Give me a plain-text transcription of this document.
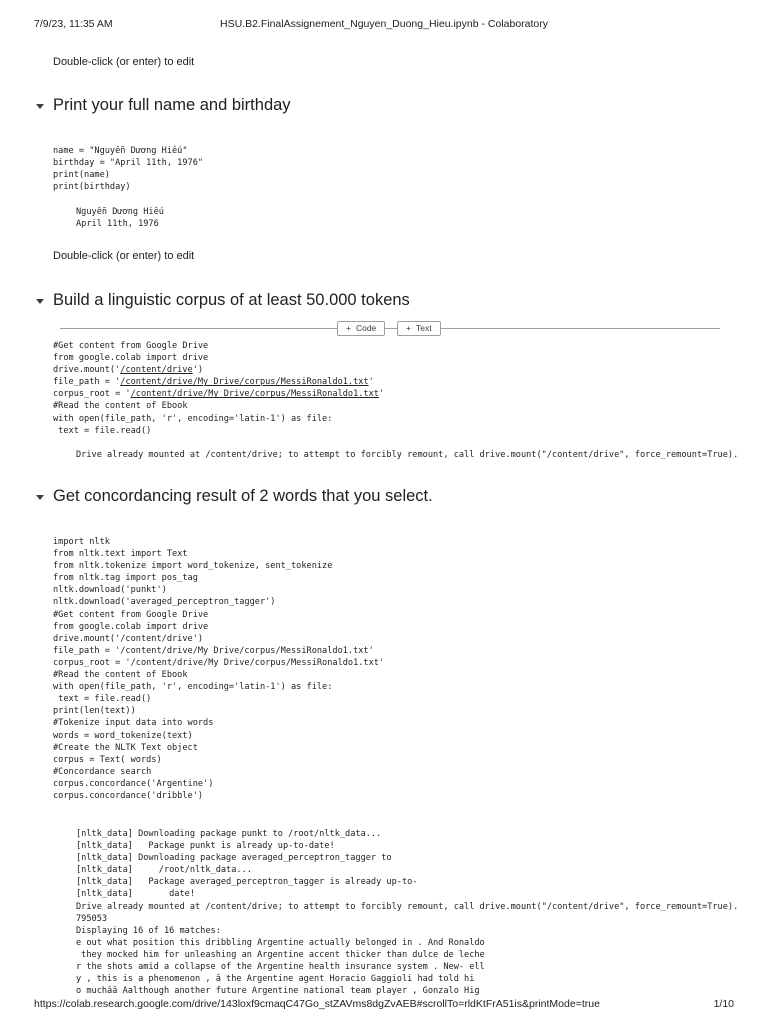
7/9/23, 11:35 AM	HSU.B2.FinalAssignement_Nguyen_Duong_Hieu.ipynb - Colaboratory
Double-click (or enter) to edit
Print your full name and birthday
name = "Nguyễn Dương Hiếu"
birthday = "April 11th, 1976"
print(name)
print(birthday)
Nguyễn Dương Hiếu
April 11th, 1976
Double-click (or enter) to edit
Build a linguistic corpus of at least 50.000 tokens
+ Code	+ Text
#Get content from Google Drive
from google.colab import drive
drive.mount('/content/drive')
file_path = '/content/drive/My Drive/corpus/MessiRonaldo1.txt'
corpus_root = '/content/drive/My Drive/corpus/MessiRonaldo1.txt'
#Read the content of Ebook
with open(file_path, 'r', encoding='latin-1') as file:
text = file.read()
Drive already mounted at /content/drive; to attempt to forcibly remount, call drive.mount("/content/drive", force_remount=True).
Get concordancing result of 2 words that you select.
import nltk
from nltk.text import Text
from nltk.tokenize import word_tokenize, sent_tokenize
from nltk.tag import pos_tag
nltk.download('punkt')
nltk.download('averaged_perceptron_tagger')
#Get content from Google Drive
from google.colab import drive
drive.mount('/content/drive')
file_path = '/content/drive/My Drive/corpus/MessiRonaldo1.txt'
corpus_root = '/content/drive/My Drive/corpus/MessiRonaldo1.txt'
#Read the content of Ebook
with open(file_path, 'r', encoding='latin-1') as file:
text = file.read()
print(len(text))
#Tokenize input data into words
words = word_tokenize(text)
#Create the NLTK Text object
corpus = Text( words)
#Concordance search
corpus.concordance('Argentine')
corpus.concordance('dribble')
[nltk_data] Downloading package punkt to /root/nltk_data...
[nltk_data]   Package punkt is already up-to-date!
[nltk_data] Downloading package averaged_perceptron_tagger to
[nltk_data]     /root/nltk_data...
[nltk_data]   Package averaged_perceptron_tagger is already up-to-
[nltk_data]       date!
Drive already mounted at /content/drive; to attempt to forcibly remount, call drive.mount("/content/drive", force_remount=True).
795053
Displaying 16 of 16 matches:
e out what position this dribbling Argentine actually belonged in . And Ronaldo
they mocked him for unleashing an Argentine accent thicker than dulce de leche
r the shots amid a collapse of the Argentine health insurance system . New- ell
y , this is a phenomenon , â the Argentine agent Horacio Gaggioli had told hi
o muchââ Aalthough another future Argentine national team player , Gonzalo Hig
https://colab.research.google.com/drive/143loxf9cmaqC47Go_stZAVms8dgZvAEB#scrollTo=rldKtFrA51is&printMode=true	1/10
